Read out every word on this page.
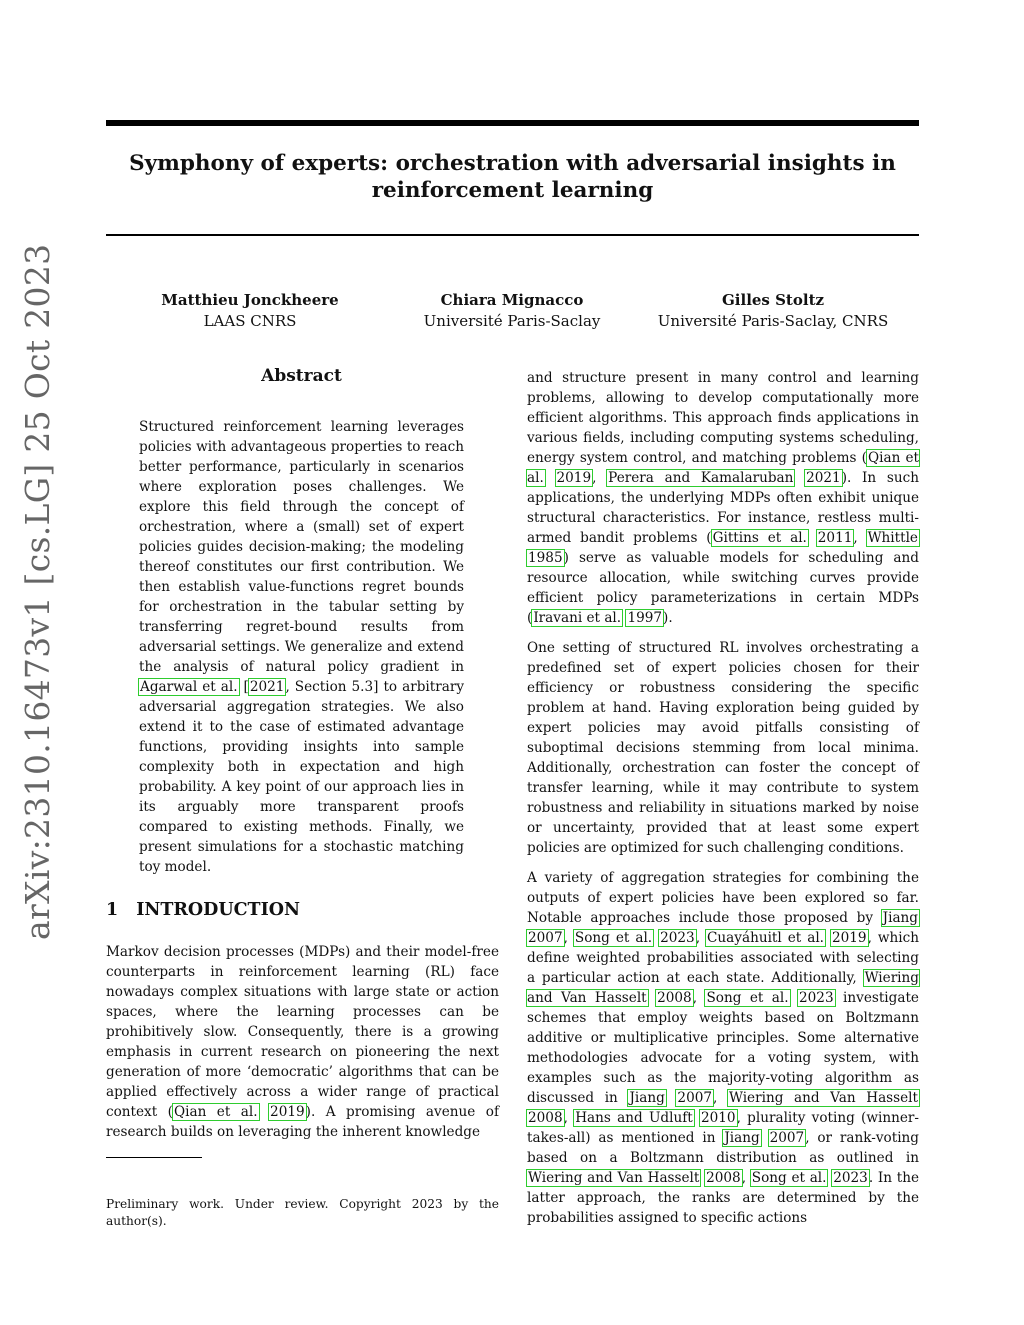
Symphony of experts: orchestration with adversarial insights in reinforcement learning
Matthieu Jonckheere
LAAS CNRS
Chiara Mignacco
Université Paris-Saclay
Gilles Stoltz
Université Paris-Saclay, CNRS
arXiv:2310.16473v1 [cs.LG] 25 Oct 2023	Abstract
Structured reinforcement learning leverages policies with advantageous properties to reach better performance, particularly in scenarios where exploration poses challenges. We explore this field through the concept of orchestration, where a (small) set of expert policies guides decision-making; the modeling thereof constitutes our first contribution. We then establish value-functions regret bounds for orchestration in the tabular setting by transferring regret-bound results from adversarial settings. We generalize and extend the analysis of natural policy gradient in Agarwal et al. [2021, Section 5.3] to arbitrary adversarial aggregation strategies. We also extend it to the case of estimated advantage functions, providing insights into sample complexity both in expectation and high probability. A key point of our approach lies in its arguably more transparent proofs compared to existing methods. Finally, we present simulations for a stochastic matching toy model.
1 INTRODUCTION
Markov decision processes (MDPs) and their model-free counterparts in reinforcement learning (RL) face nowadays complex situations with large state or action spaces, where the learning processes can be prohibitively slow. Consequently, there is a growing emphasis in current research on pioneering the next generation of more ‘democratic’ algorithms that can be applied effectively across a wider range of practical context (Qian et al. 2019). A promising avenue of research builds on leveraging the inherent knowledge
Preliminary work. Under review. Copyright 2023 by the author(s).

and structure present in many control and learning problems, allowing to develop computationally more efficient algorithms. This approach finds applications in various fields, including computing systems scheduling, energy system control, and matching problems (Qian et al. 2019, Perera and Kamalaruban 2021). In such applications, the underlying MDPs often exhibit unique structural characteristics. For instance, restless multi-armed bandit problems (Gittins et al. 2011, Whittle 1985) serve as valuable models for scheduling and resource allocation, while switching curves provide efficient policy parameterizations in certain MDPs (Iravani et al. 1997).

One setting of structured RL involves orchestrating a predefined set of expert policies chosen for their efficiency or robustness considering the specific problem at hand. Having exploration being guided by expert policies may avoid pitfalls consisting of suboptimal decisions stemming from local minima. Additionally, orchestration can foster the concept of transfer learning, while it may contribute to system robustness and reliability in situations marked by noise or uncertainty, provided that at least some expert policies are optimized for such challenging conditions.

A variety of aggregation strategies for combining the outputs of expert policies have been explored so far. Notable approaches include those proposed by Jiang 2007, Song et al. 2023, Cuayáhuitl et al. 2019, which define weighted probabilities associated with selecting a particular action at each state. Additionally, Wiering and Van Hasselt 2008, Song et al. 2023 investigate schemes that employ weights based on Boltzmann additive or multiplicative principles. Some alternative methodologies advocate for a voting system, with examples such as the majority-voting algorithm as discussed in Jiang 2007, Wiering and Van Hasselt 2008, Hans and Udluft 2010, plurality voting (winner-takes-all) as mentioned in Jiang 2007, or rank-voting based on a Boltzmann distribution as outlined in Wiering and Van Hasselt 2008, Song et al. 2023. In the latter approach, the ranks are determined by the probabilities assigned to specific actions
